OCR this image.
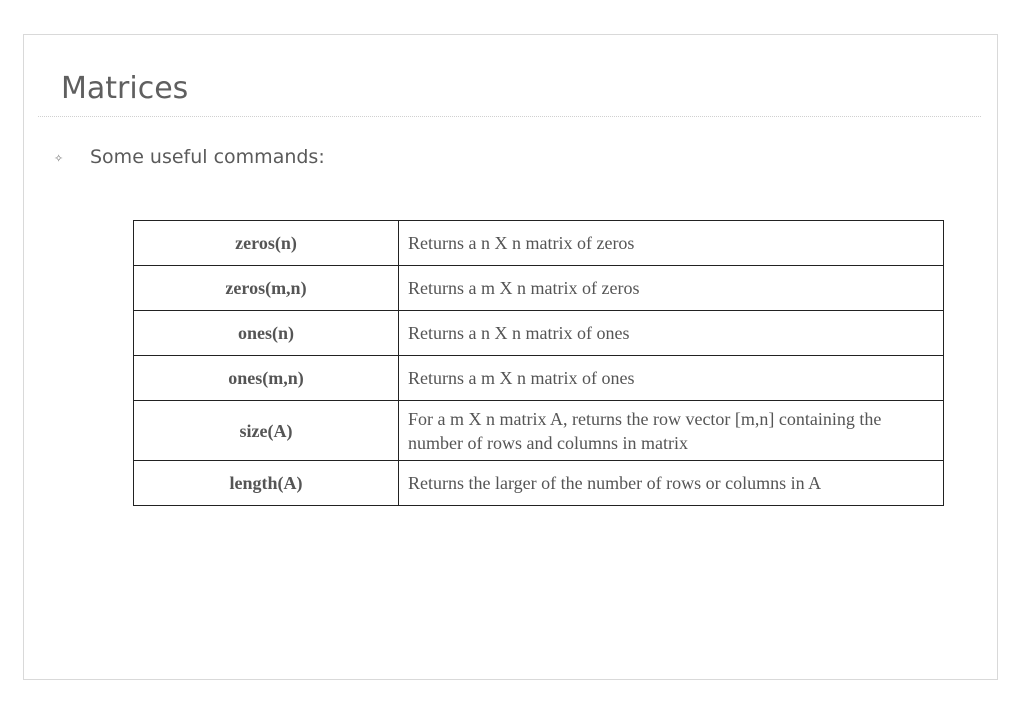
Matrices
✧ Some useful commands:
zeros(n)	Returns a n X n matrix of zeros
zeros(m,n)	Returns a m X n matrix of zeros
ones(n)	Returns a n X n matrix of ones
ones(m,n)	Returns a m X n matrix of ones
size(A)	For a m X n matrix A, returns the row vector [m,n] containing the number of rows and columns in matrix
length(A)	Returns the larger of the number of rows or columns in A
